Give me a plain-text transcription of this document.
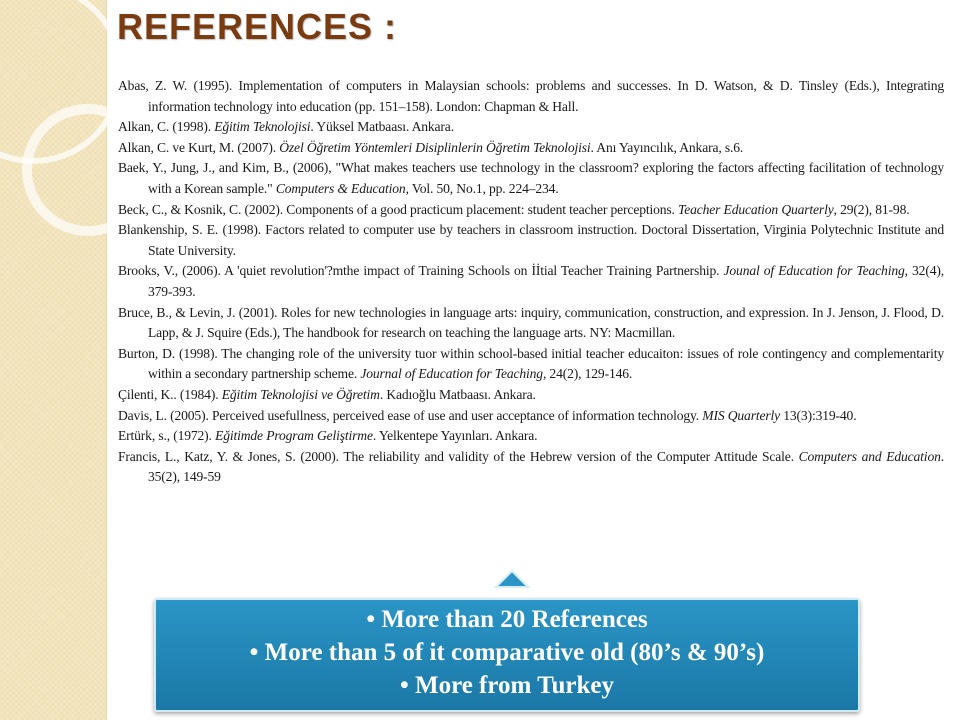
REFERENCES :

Abas, Z. W. (1995). Implementation of computers in Malaysian schools: problems and successes. In D. Watson, & D. Tinsley (Eds.), Integrating information technology into education (pp. 151–158). London: Chapman & Hall.

Alkan, C. (1998). Eğitim Teknolojisi. Yüksel Matbaası. Ankara.

Alkan, C. ve Kurt, M. (2007). Özel Öğretim Yöntemleri Disiplinlerin Öğretim Teknolojisi. Anı Yayıncılık, Ankara, s.6.

Baek, Y., Jung, J., and Kim, B., (2006), "What makes teachers use technology in the classroom? exploring the factors affecting facilitation of technology with a Korean sample." Computers & Education, Vol. 50, No.1, pp. 224–234.

Beck, C., & Kosnik, C. (2002). Components of a good practicum placement: student teacher perceptions. Teacher Education Quarterly, 29(2), 81-98.

Blankenship, S. E. (1998). Factors related to computer use by teachers in classroom instruction. Doctoral Dissertation, Virginia Polytechnic Institute and State University.

Brooks, V., (2006). A 'quiet revolution'?mthe impact of Training Schools on İİtial Teacher Training Partnership. Jounal of Education for Teaching, 32(4), 379-393.

Bruce, B., & Levin, J. (2001). Roles for new technologies in language arts: inquiry, communication, construction, and expression. In J. Jenson, J. Flood, D. Lapp, & J. Squire (Eds.), The handbook for research on teaching the language arts. NY: Macmillan.

Burton, D. (1998). The changing role of the university tuor within school-based initial teacher educaiton: issues of role contingency and complementarity within a secondary partnership scheme. Journal of Education for Teaching, 24(2), 129-146.

Çilenti, K.. (1984). Eğitim Teknolojisi ve Öğretim. Kadıoğlu Matbaası. Ankara.

Davis, L. (2005). Perceived usefullness, perceived ease of use and user acceptance of information technology. MIS Quarterly 13(3):319-40.

Ertürk, s., (1972). Eğitimde Program Geliştirme. Yelkentepe Yayınları. Ankara.

Francis, L., Katz, Y. & Jones, S. (2000). The reliability and validity of the Hebrew version of the Computer Attitude Scale. Computers and Education. 35(2), 149-59

• More than 20 References
• More than 5 of it comparative old (80’s & 90’s)
• More from Turkey
